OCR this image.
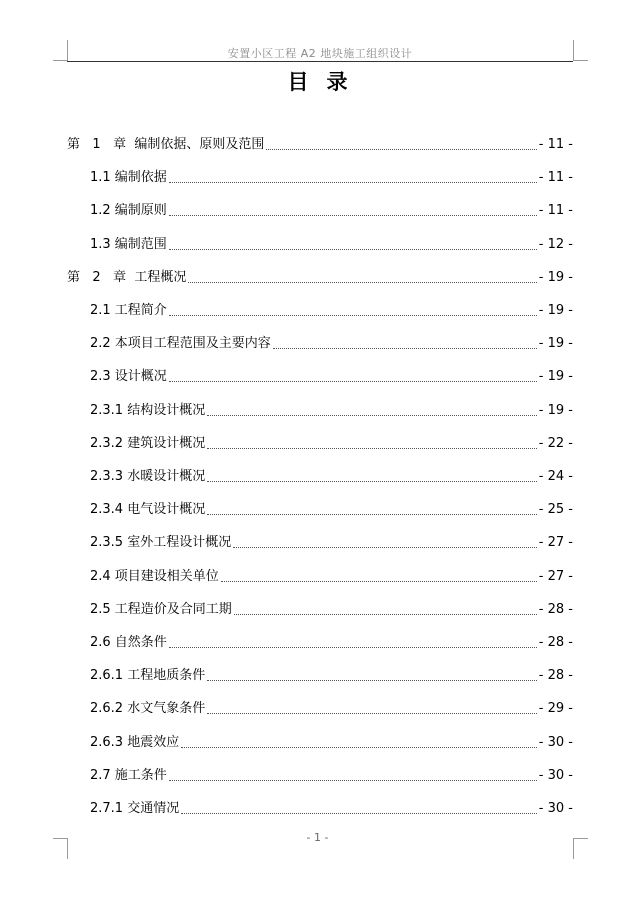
安置小区工程 A2 地块施工组织设计
目录
第   1   章  编制依据、原则及范围	- 11 -
1.1 编制依据	- 11 -
1.2 编制原则	- 11 -
1.3 编制范围	- 12 -
第   2   章  工程概况	- 19 -
2.1 工程简介	- 19 -
2.2 本项目工程范围及主要内容	- 19 -
2.3 设计概况	- 19 -
2.3.1 结构设计概况	- 19 -
2.3.2 建筑设计概况	- 22 -
2.3.3 水暖设计概况	- 24 -
2.3.4 电气设计概况	- 25 -
2.3.5 室外工程设计概况	- 27 -
2.4 项目建设相关单位	- 27 -
2.5 工程造价及合同工期	- 28 -
2.6 自然条件	- 28 -
2.6.1 工程地质条件	- 28 -
2.6.2 水文气象条件	- 29 -
2.6.3 地震效应	- 30 -
2.7 施工条件	- 30 -
2.7.1 交通情况	- 30 -
- 1 -
